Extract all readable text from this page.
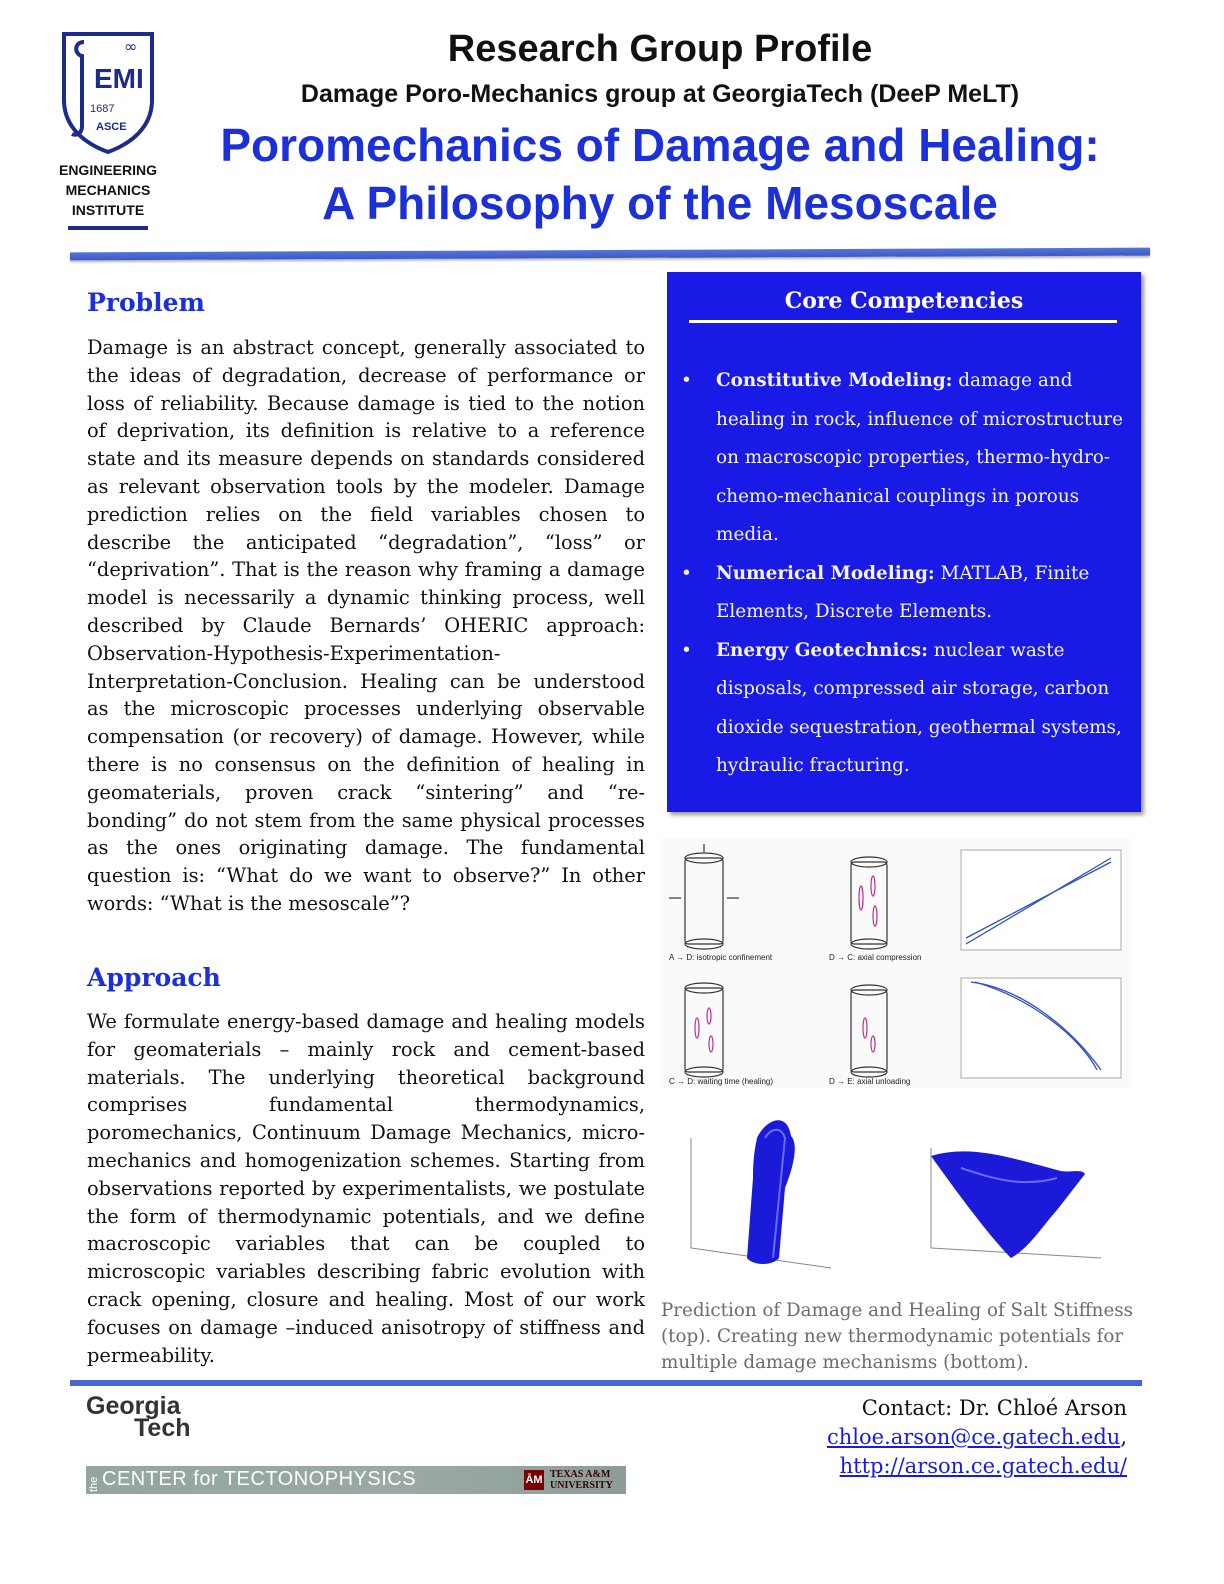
EMI
∞
1687
ASCE
ENGINEERING
MECHANICS
INSTITUTE
Research Group Profile
Damage Poro-Mechanics group at GeorgiaTech (DeeP MeLT)
Poromechanics of Damage and Healing:
A Philosophy of the Mesoscale
Problem
Damage is an abstract concept, generally associated to the ideas of degradation, decrease of performance or loss of reliability. Because damage is tied to the notion of deprivation, its definition is relative to a reference state and its measure depends on standards considered as relevant observation tools by the modeler. Damage prediction relies on the field variables chosen to describe the anticipated “degradation”, “loss” or “deprivation”. That is the reason why framing a damage model is necessarily a dynamic thinking process, well described by Claude Bernards’ OHERIC approach: Observation-Hypothesis-Experimentation-Interpretation-Conclusion. Healing can be understood as the microscopic processes underlying observable compensation (or recovery) of damage. However, while there is no consensus on the definition of healing in geomaterials, proven crack “sintering” and “re-bonding” do not stem from the same physical processes as the ones originating damage. The fundamental question is: “What do we want to observe?” In other words: “What is the mesoscale”?
Approach
We formulate energy-based damage and healing models for geomaterials – mainly rock and cement-based materials. The underlying theoretical background comprises fundamental thermodynamics, poromechanics, Continuum Damage Mechanics, micro-mechanics and homogenization schemes. Starting from observations reported by experimentalists, we postulate the form of thermodynamic potentials, and we define macroscopic variables that can be coupled to microscopic variables describing fabric evolution with crack opening, closure and healing. Most of our work focuses on damage –induced anisotropy of stiffness and permeability.
Core Competencies
• Constitutive Modeling: damage and healing in rock, influence of microstructure on macroscopic properties, thermo-hydro-chemo-mechanical couplings in porous media.
• Numerical Modeling: MATLAB, Finite Elements, Discrete Elements.
• Energy Geotechnics: nuclear waste disposals, compressed air storage, carbon dioxide sequestration, geothermal systems, hydraulic fracturing.
A → D: isotropic confinement	D → C: axial compression
C → D: waiting time (healing)	D → E: axial unloading
Prediction of Damage and Healing of Salt Stiffness (top). Creating new thermodynamic potentials for multiple damage mechanisms (bottom).
Georgia
Tech
the CENTER for TECTONOPHYSICS	ĀM TEXAS A&M
UNIVERSITY
Contact: Dr. Chloé Arson
chloe.arson@ce.gatech.edu,
http://arson.ce.gatech.edu/
